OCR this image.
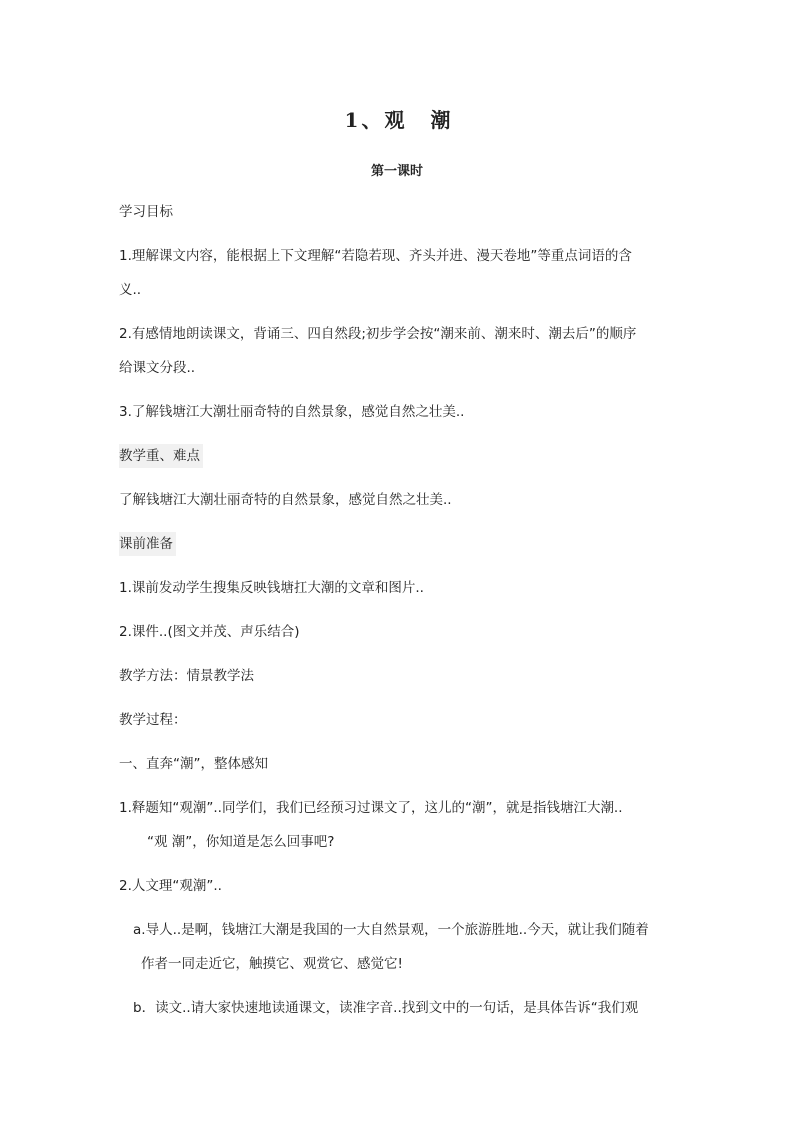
1、观　潮
第一课时

学习目标

1.理解课文内容，能根据上下文理解“若隐若现、齐头并进、漫天卷地”等重点词语的含

义..

2.有感情地朗读课文，背诵三、四自然段;初步学会按“潮来前、潮来时、潮去后”的顺序

给课文分段..

3.了解钱塘江大潮壮丽奇特的自然景象，感觉自然之壮美..

教学重、难点

了解钱塘江大潮壮丽奇特的自然景象，感觉自然之壮美..

课前准备

1.课前发动学生搜集反映钱塘扛大潮的文章和图片..

2.课件..(图文并茂、声乐结合)

教学方法：情景教学法

教学过程：

一、直奔“潮”，整体感知

1.释题知“观潮”..同学们，我们已经预习过课文了，这儿的“潮”，就是指钱塘江大潮..

“观 潮”，你知道是怎么回事吧?

2.人文理“观潮”..

a.导人..是啊，钱塘江大潮是我国的一大自然景观，一个旅游胜地..今天，就让我们随着

作者一同走近它，触摸它、观赏它、感觉它!

b．读文..请大家快速地读通课文，读准字音..找到文中的一句话，是具体告诉“我们观
